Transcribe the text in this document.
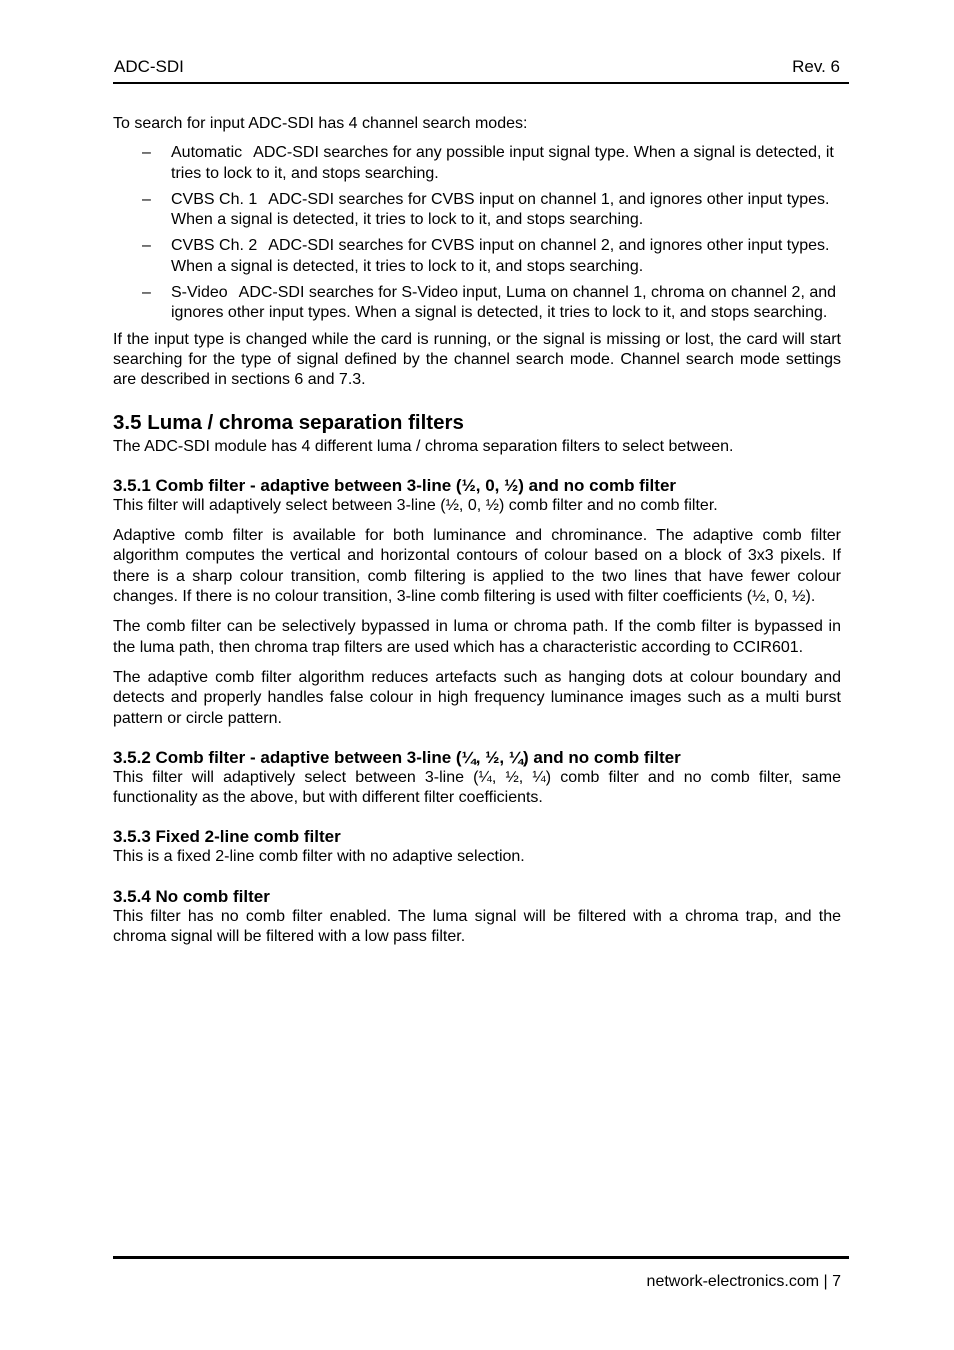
ADC-SDI	Rev. 6

To search for input ADC-SDI has 4 channel search modes:

– Automatic ADC-SDI searches for any possible input signal type. When a signal is detected, it tries to lock to it, and stops searching.
– CVBS Ch. 1 ADC-SDI searches for CVBS input on channel 1, and ignores other input types. When a signal is detected, it tries to lock to it, and stops searching.
– CVBS Ch. 2 ADC-SDI searches for CVBS input on channel 2, and ignores other input types. When a signal is detected, it tries to lock to it, and stops searching.
– S-Video ADC-SDI searches for S-Video input, Luma on channel 1, chroma on channel 2, and ignores other input types. When a signal is detected, it tries to lock to it, and stops searching.

If the input type is changed while the card is running, or the signal is missing or lost, the card will start searching for the type of signal defined by the channel search mode. Channel search mode settings are described in sections 6 and 7.3.

3.5 Luma / chroma separation filters

The ADC-SDI module has 4 different luma / chroma separation filters to select between.

3.5.1 Comb filter - adaptive between 3-line (½, 0, ½) and no comb filter

This filter will adaptively select between 3-line (½, 0, ½) comb filter and no comb filter.

Adaptive comb filter is available for both luminance and chrominance. The adaptive comb filter algorithm computes the vertical and horizontal contours of colour based on a block of 3x3 pixels. If there is a sharp colour transition, comb filtering is applied to the two lines that have fewer colour changes. If there is no colour transition, 3-line comb filtering is used with filter coefficients (½, 0, ½).

The comb filter can be selectively bypassed in luma or chroma path. If the comb filter is bypassed in the luma path, then chroma trap filters are used which has a characteristic according to CCIR601.

The adaptive comb filter algorithm reduces artefacts such as hanging dots at colour boundary and detects and properly handles false colour in high frequency luminance images such as a multi burst pattern or circle pattern.

3.5.2 Comb filter - adaptive between 3-line (¼, ½, ¼) and no comb filter

This filter will adaptively select between 3-line (¼, ½, ¼) comb filter and no comb filter, same functionality as the above, but with different filter coefficients.

3.5.3 Fixed 2-line comb filter

This is a fixed 2-line comb filter with no adaptive selection.

3.5.4 No comb filter

This filter has no comb filter enabled. The luma signal will be filtered with a chroma trap, and the chroma signal will be filtered with a low pass filter.

network-electronics.com | 7
